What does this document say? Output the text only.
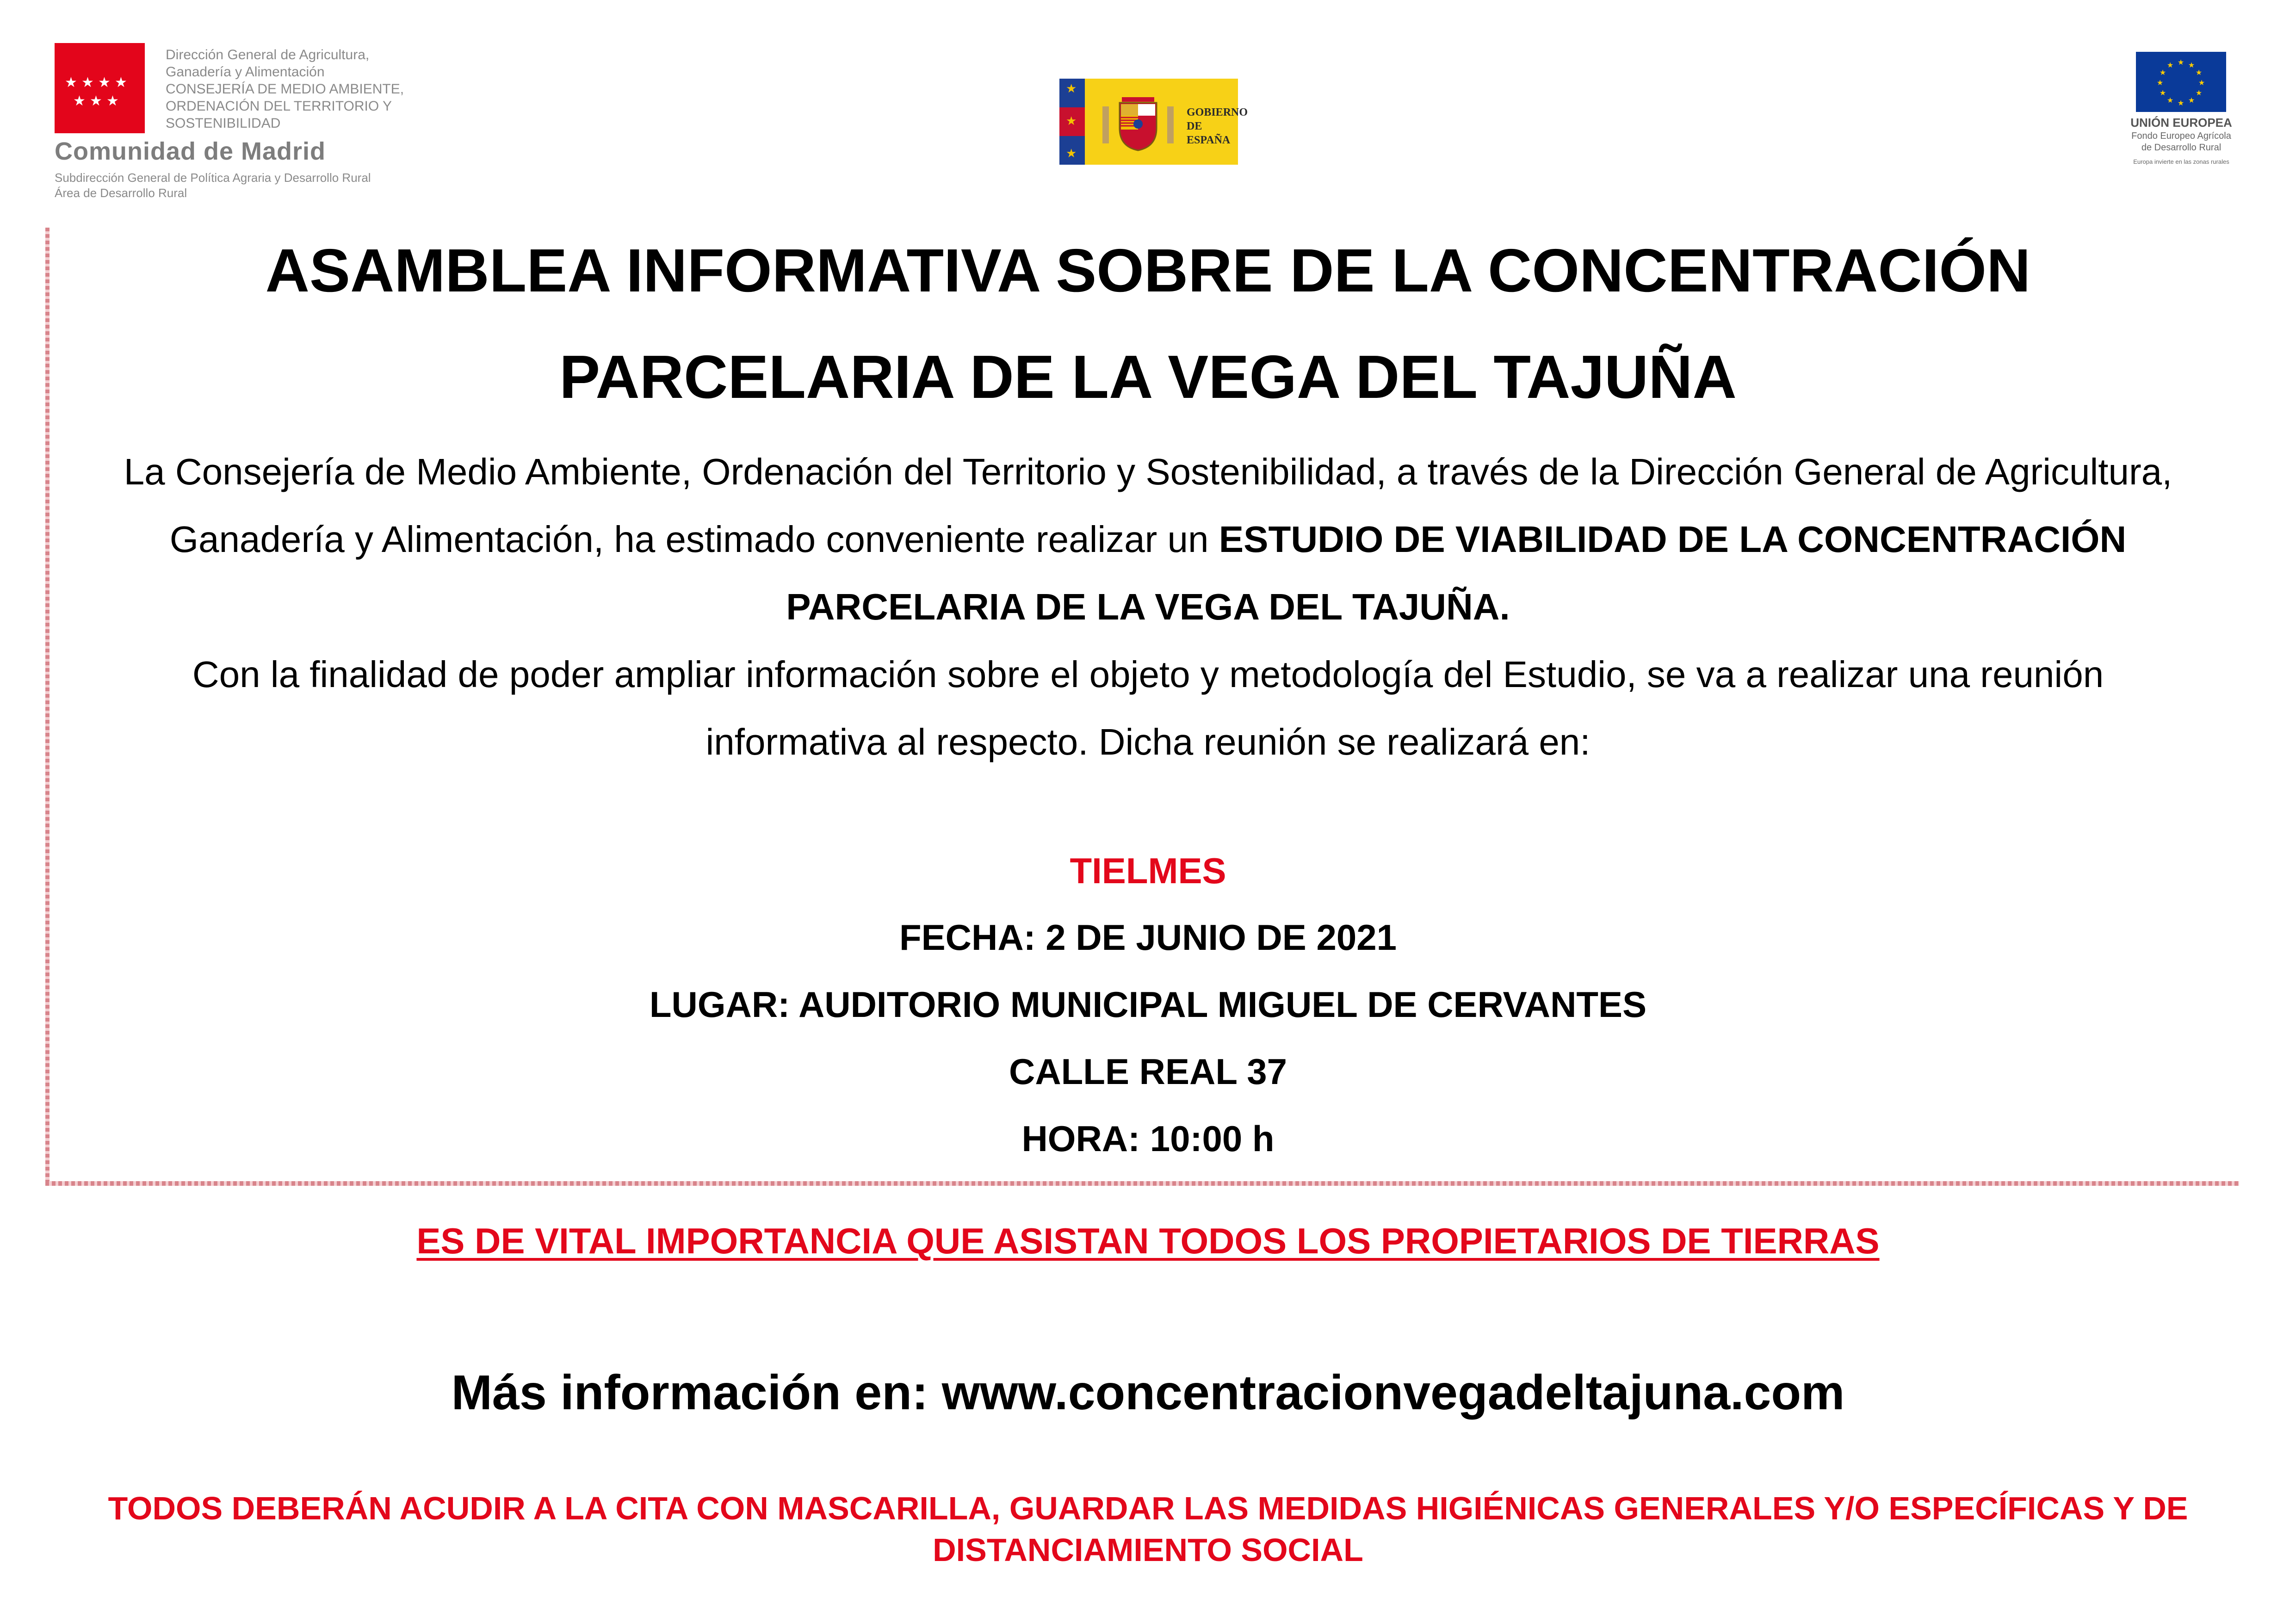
★ ★ ★ ★
★ ★ ★
Dirección General de Agricultura,
Ganadería y Alimentación
CONSEJERÍA DE MEDIO AMBIENTE,
ORDENACIÓN DEL TERRITORIO Y
SOSTENIBILIDAD
Comunidad de Madrid
Subdirección General de Política Agraria y Desarrollo Rural
Área de Desarrollo Rural
★
★
★
GOBIERNO
DE ESPAÑA
★ ★
★
★
★
★
★
★
★
★
★
★
UNIÓN EUROPEA
Fondo Europeo Agrícola
de Desarrollo Rural
Europa invierte en las zonas rurales
ASAMBLEA INFORMATIVA SOBRE DE LA CONCENTRACIÓN
PARCELARIA DE LA VEGA DEL TAJUÑA
La Consejería de Medio Ambiente, Ordenación del Territorio y Sostenibilidad, a través de la Dirección General de Agricultura,
Ganadería y Alimentación, ha estimado conveniente realizar un ESTUDIO DE VIABILIDAD DE LA CONCENTRACIÓN
PARCELARIA DE LA VEGA DEL TAJUÑA.
Con la finalidad de poder ampliar información sobre el objeto y metodología del Estudio, se va a realizar una reunión
informativa al respecto. Dicha reunión se realizará en:
TIELMES
FECHA: 2 DE JUNIO DE 2021
LUGAR: AUDITORIO MUNICIPAL MIGUEL DE CERVANTES
CALLE REAL 37
HORA: 10:00 h
ES DE VITAL IMPORTANCIA QUE ASISTAN TODOS LOS PROPIETARIOS DE TIERRAS
Más información en: www.concentracionvegadeltajuna.com
TODOS DEBERÁN ACUDIR A LA CITA CON MASCARILLA, GUARDAR LAS MEDIDAS HIGIÉNICAS GENERALES Y/O ESPECÍFICAS Y DE DISTANCIAMIENTO SOCIAL
